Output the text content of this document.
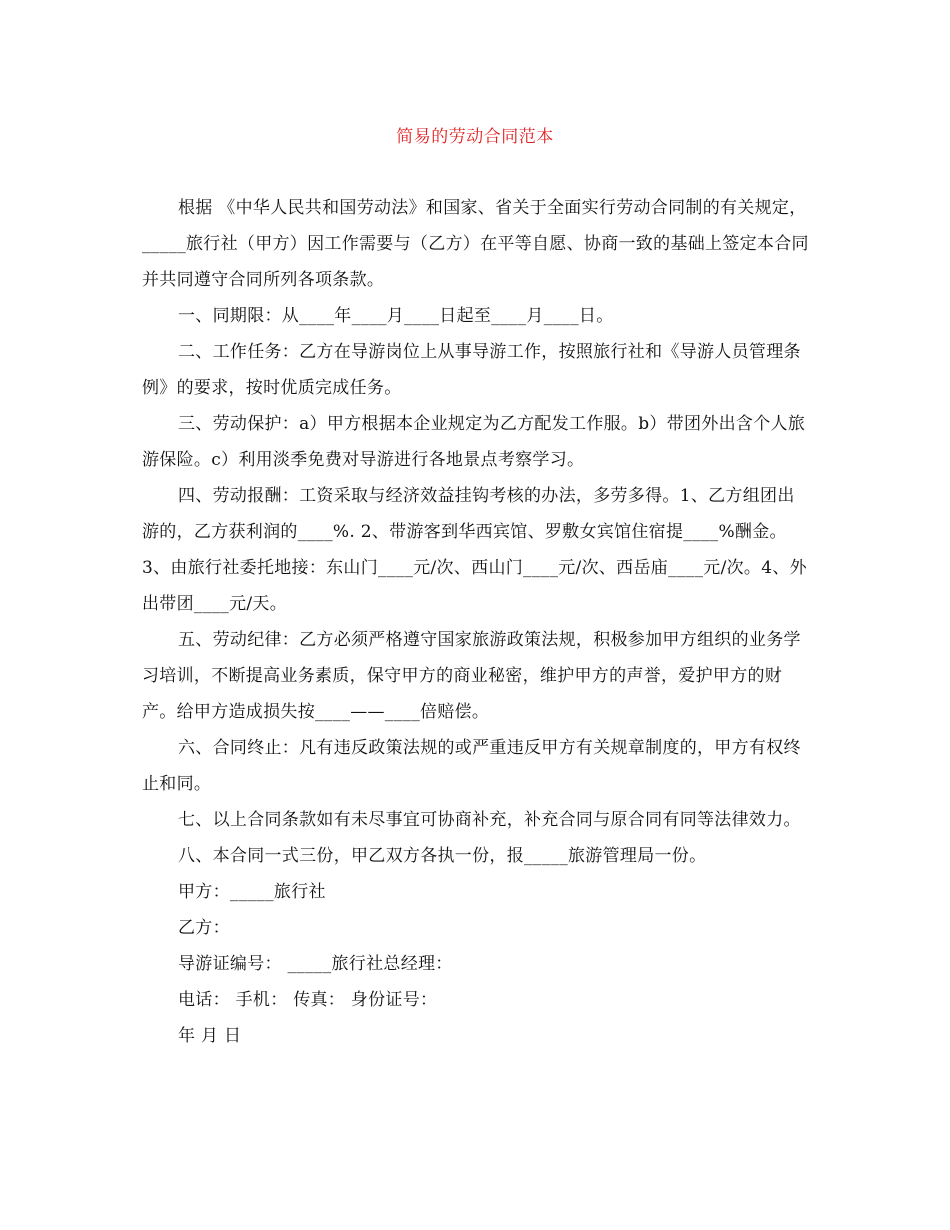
简易的劳动合同范本

根据 《中华人民共和国劳动法》和国家、省关于全面实行劳动合同制的有关规定，_____旅行社（甲方）因工作需要与（乙方）在平等自愿、协商一致的基础上签定本合同并共同遵守合同所列各项条款。

一、同期限：从____年____月____日起至____月____日。

二、工作任务：乙方在导游岗位上从事导游工作，按照旅行社和《导游人员管理条例》的要求，按时优质完成任务。

三、劳动保护：a）甲方根据本企业规定为乙方配发工作服。b）带团外出含个人旅游保险。c）利用淡季免费对导游进行各地景点考察学习。

四、劳动报酬：工资采取与经济效益挂钩考核的办法，多劳多得。1、乙方组团出游的，乙方获利润的____%. 2、带游客到华西宾馆、罗敷女宾馆住宿提____%酬金。3、由旅行社委托地接：东山门____元/次、西山门____元/次、西岳庙____元/次。4、外出带团____元/天。

五、劳动纪律：乙方必须严格遵守国家旅游政策法规，积极参加甲方组织的业务学习培训，不断提高业务素质，保守甲方的商业秘密，维护甲方的声誉，爱护甲方的财产。给甲方造成损失按____——____倍赔偿。

六、合同终止：凡有违反政策法规的或严重违反甲方有关规章制度的，甲方有权终止和同。

七、以上合同条款如有未尽事宜可协商补充，补充合同与原合同有同等法律效力。

八、本合同一式三份，甲乙双方各执一份，报_____旅游管理局一份。

甲方：_____旅行社

乙方：

导游证编号： _____旅行社总经理：

电话： 手机： 传真： 身份证号：

年 月 日
